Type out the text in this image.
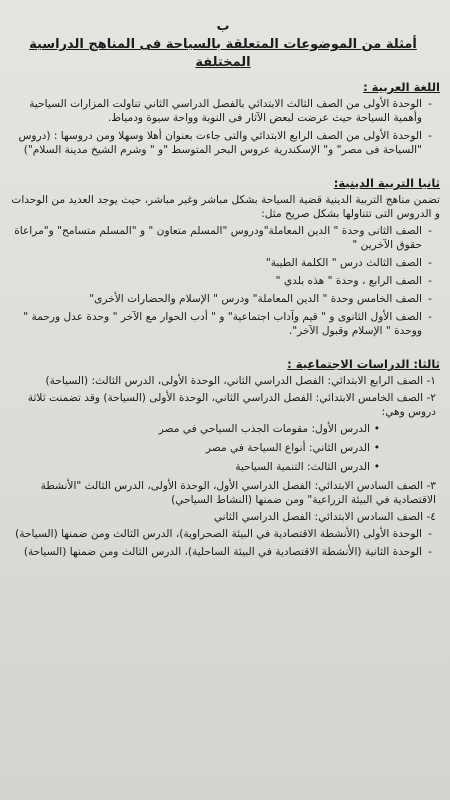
ب
أمثلة من الموضوعات المتعلقة بالسياحة فى المناهج الدراسية المختلفة
اللغة العربية :
- الوحدة الأولى من الصف الثالث الابتدائي بالفصل الدراسي الثاني تناولت المزارات السياحية وأهمية السياحة حيث عرضت لبعض الآثار فى النوبة وواحة سيوة ودمياط.
- الوحدة الأولى من الصف الرابع الابتدائي والتى جاءت بعنوان أهلا وسهلا ومن دروسها : (دروس "السياحة فى مصر" و" الإسكندرية عروس البحر المتوسط "و " وشرم الشيخ مدينة السلام")
ثانيا التربية الدينية:

تضمن مناهج التربية الدينية قضية السياحة بشكل مباشر وغير مباشر، حيث يوجد العديد من الوحدات و الدروس التى تتناولها بشكل صريح مثل:

- الصف الثانى وحدة " الدين المعاملة"ودروس "المسلم متعاون " و "المسلم متسامح" و"مراعاة حقوق الآخرين "
- الصف الثالث درس " الكلمة الطيبة"
- الصف الرابع ، وحدة " هذه بلدي "
- الصف الخامس وحدة " الدين المعاملة" ودرس " الإسلام والحضارات الأخرى"
- الصف الأول الثانوى و " قيم وآداب اجتماعية" و " أدب الحوار مع الآخر " وحدة عدل ورحمة " ووحدة " الإسلام وقبول الآخر".
ثالثا: الدراسات الاجتماعية :

١- الصف الرابع الابتدائي: الفصل الدراسي الثاني، الوحدة الأولى، الدرس الثالث: (السياحة)

٢- الصف الخامس الابتدائي: الفصل الدراسي الثاني، الوحدة الأولى (السياحة) وقد تضمنت ثلاثة دروس وهي:

• الدرس الأول: مقومات الجذب السياحي في مصر
• الدرس الثاني: أنواع السياحة في مصر
• الدرس الثالث: التنمية السياحية

٣- الصف السادس الابتدائي: الفصل الدراسي الأول، الوحدة الأولى، الدرس الثالث "الأنشطة الاقتصادية في البيئة الزراعية" ومن ضمنها (النشاط السياحي)

٤- الصف السادس الابتدائي: الفصل الدراسي الثاني

- الوحدة الأولى (الأنشطة الاقتصادية في البيئة الصحراوية)، الدرس الثالث ومن ضمنها (السياحة)
- الوحدة الثانية (الأنشطة الاقتصادية في البيئة الساحلية)، الدرس الثالث ومن ضمنها (السياحة)
